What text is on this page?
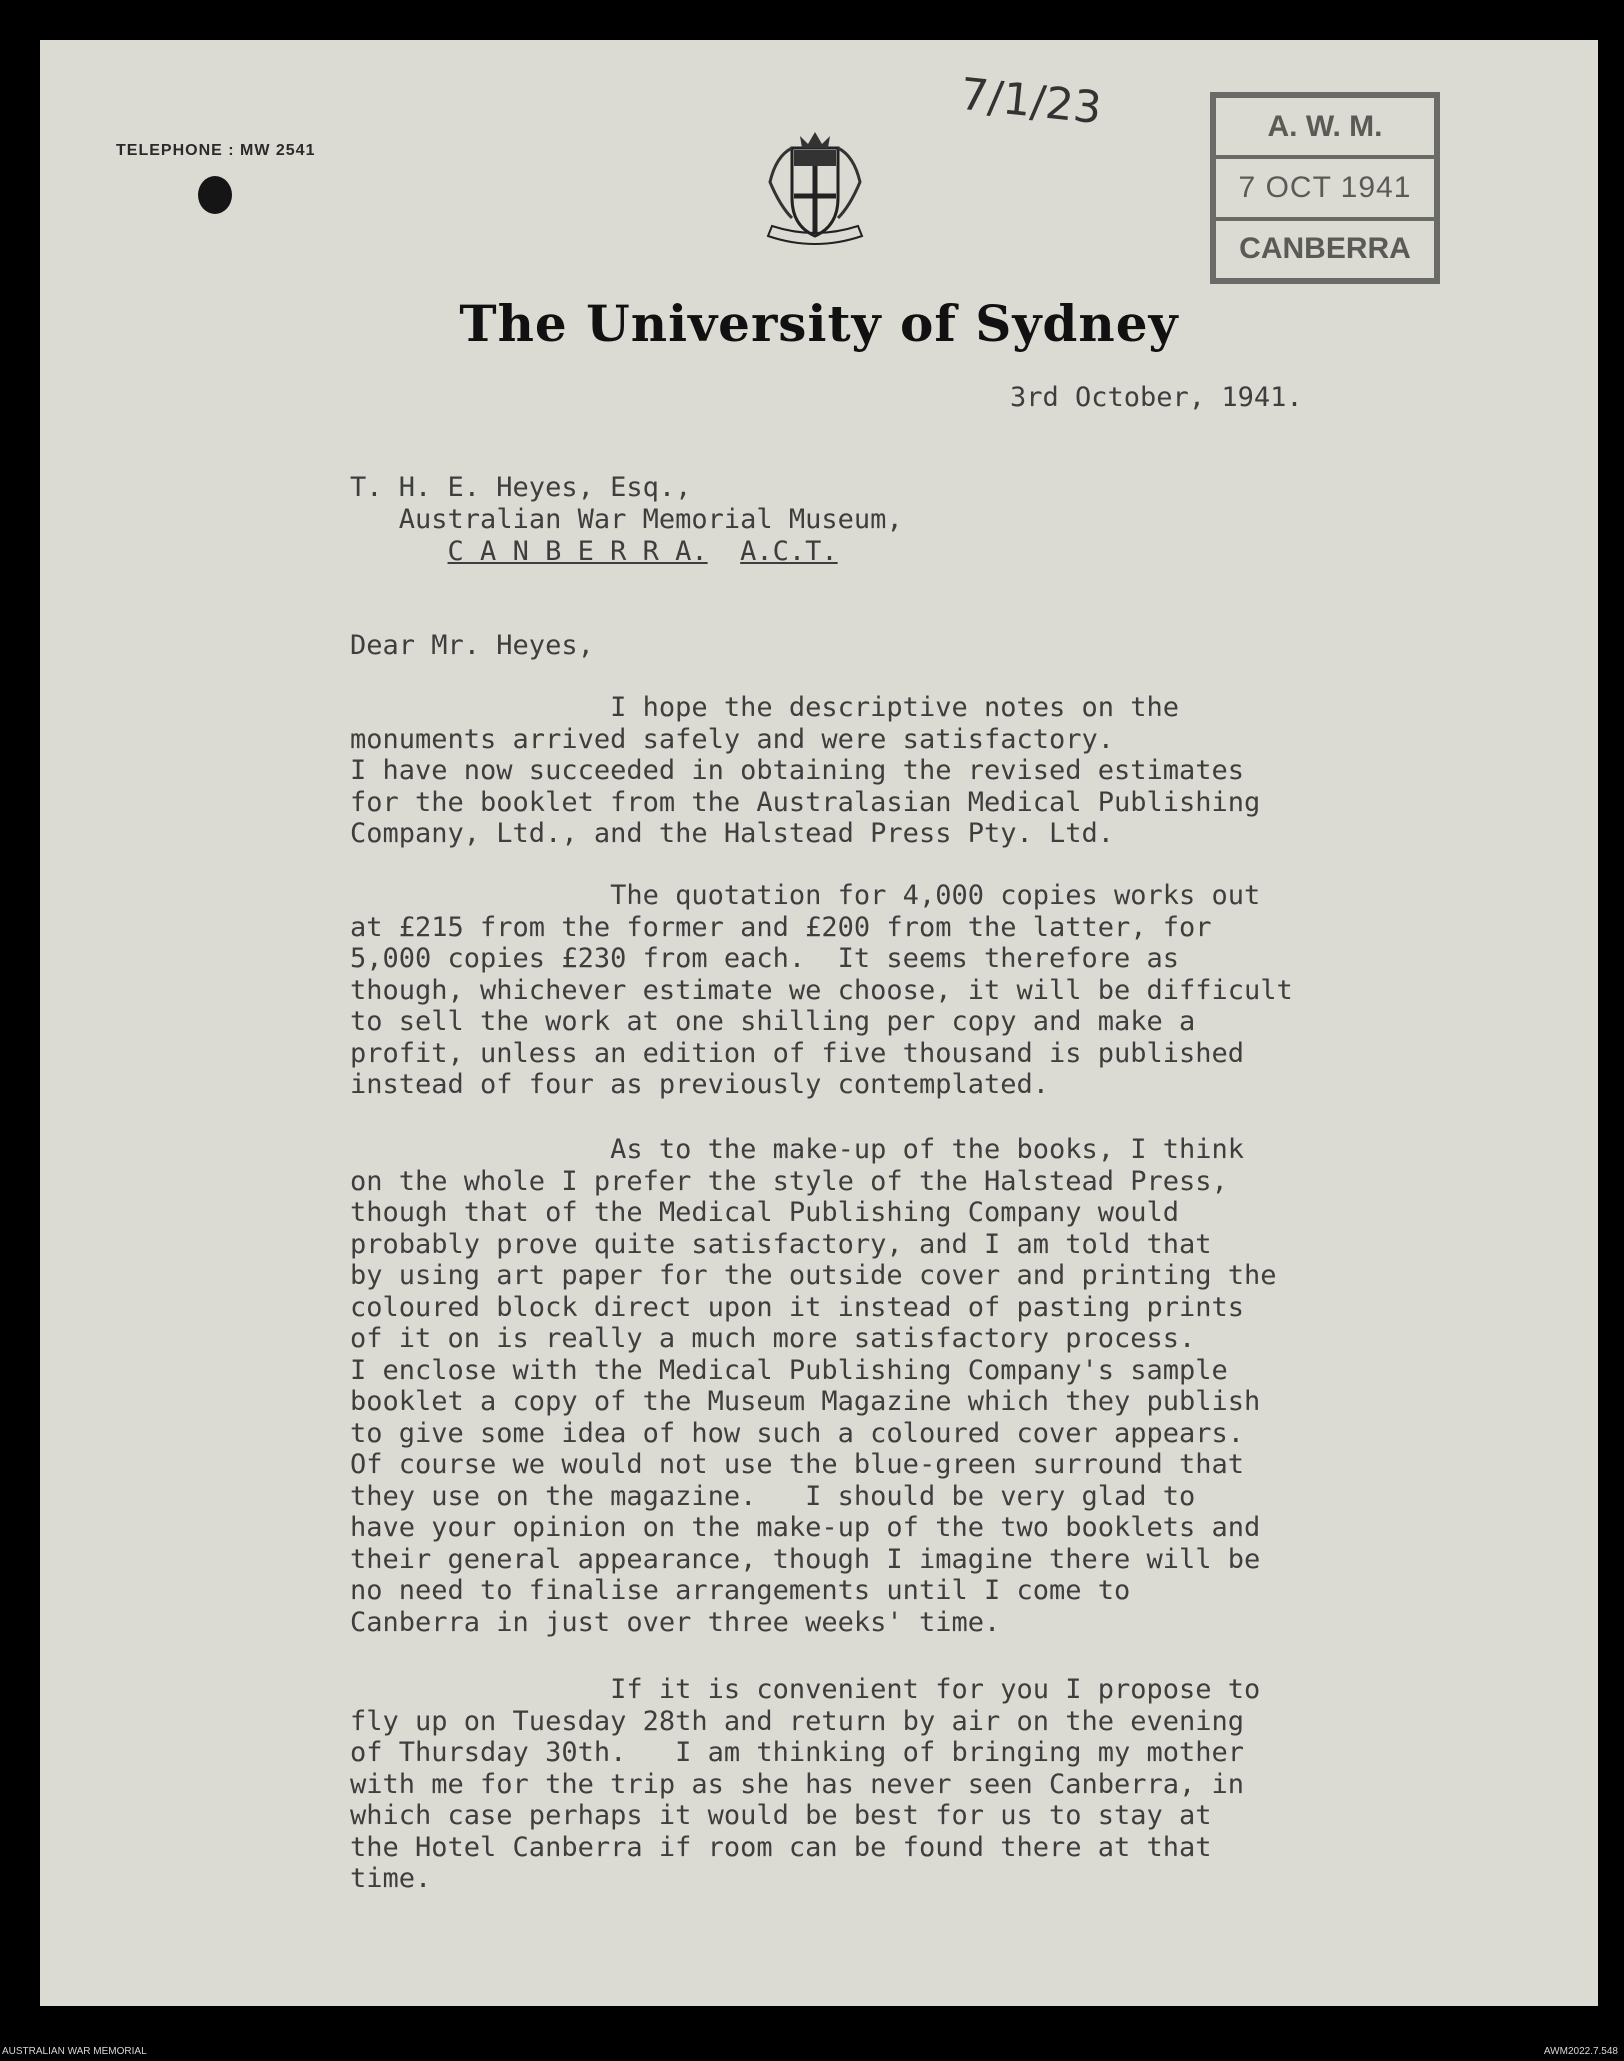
TELEPHONE : MW 2541
7/1/23
The University of Sydney
A. W. M.
7 OCT 1941
CANBERRA
3rd October, 1941.
T. H. E. Heyes, Esq.,
Australian War Memorial Museum,
C A N B E R R A. A.C.T.
Dear Mr. Heyes,
I hope the descriptive notes on the
monuments arrived safely and were satisfactory.
I have now succeeded in obtaining the revised estimates
for the booklet from the Australasian Medical Publishing
Company, Ltd., and the Halstead Press Pty. Ltd.
The quotation for 4,000 copies works out
at £215 from the former and £200 from the latter, for
5,000 copies £230 from each.  It seems therefore as
though, whichever estimate we choose, it will be difficult
to sell the work at one shilling per copy and make a
profit, unless an edition of five thousand is published
instead of four as previously contemplated.
As to the make-up of the books, I think
on the whole I prefer the style of the Halstead Press,
though that of the Medical Publishing Company would
probably prove quite satisfactory, and I am told that
by using art paper for the outside cover and printing the
coloured block direct upon it instead of pasting prints
of it on is really a much more satisfactory process.
I enclose with the Medical Publishing Company's sample
booklet a copy of the Museum Magazine which they publish
to give some idea of how such a coloured cover appears.
Of course we would not use the blue-green surround that
they use on the magazine.   I should be very glad to
have your opinion on the make-up of the two booklets and
their general appearance, though I imagine there will be
no need to finalise arrangements until I come to
Canberra in just over three weeks' time.
If it is convenient for you I propose to
fly up on Tuesday 28th and return by air on the evening
of Thursday 30th.   I am thinking of bringing my mother
with me for the trip as she has never seen Canberra, in
which case perhaps it would be best for us to stay at
the Hotel Canberra if room can be found there at that
time.
AUSTRALIAN WAR MEMORIAL	AWM2022.7.548
